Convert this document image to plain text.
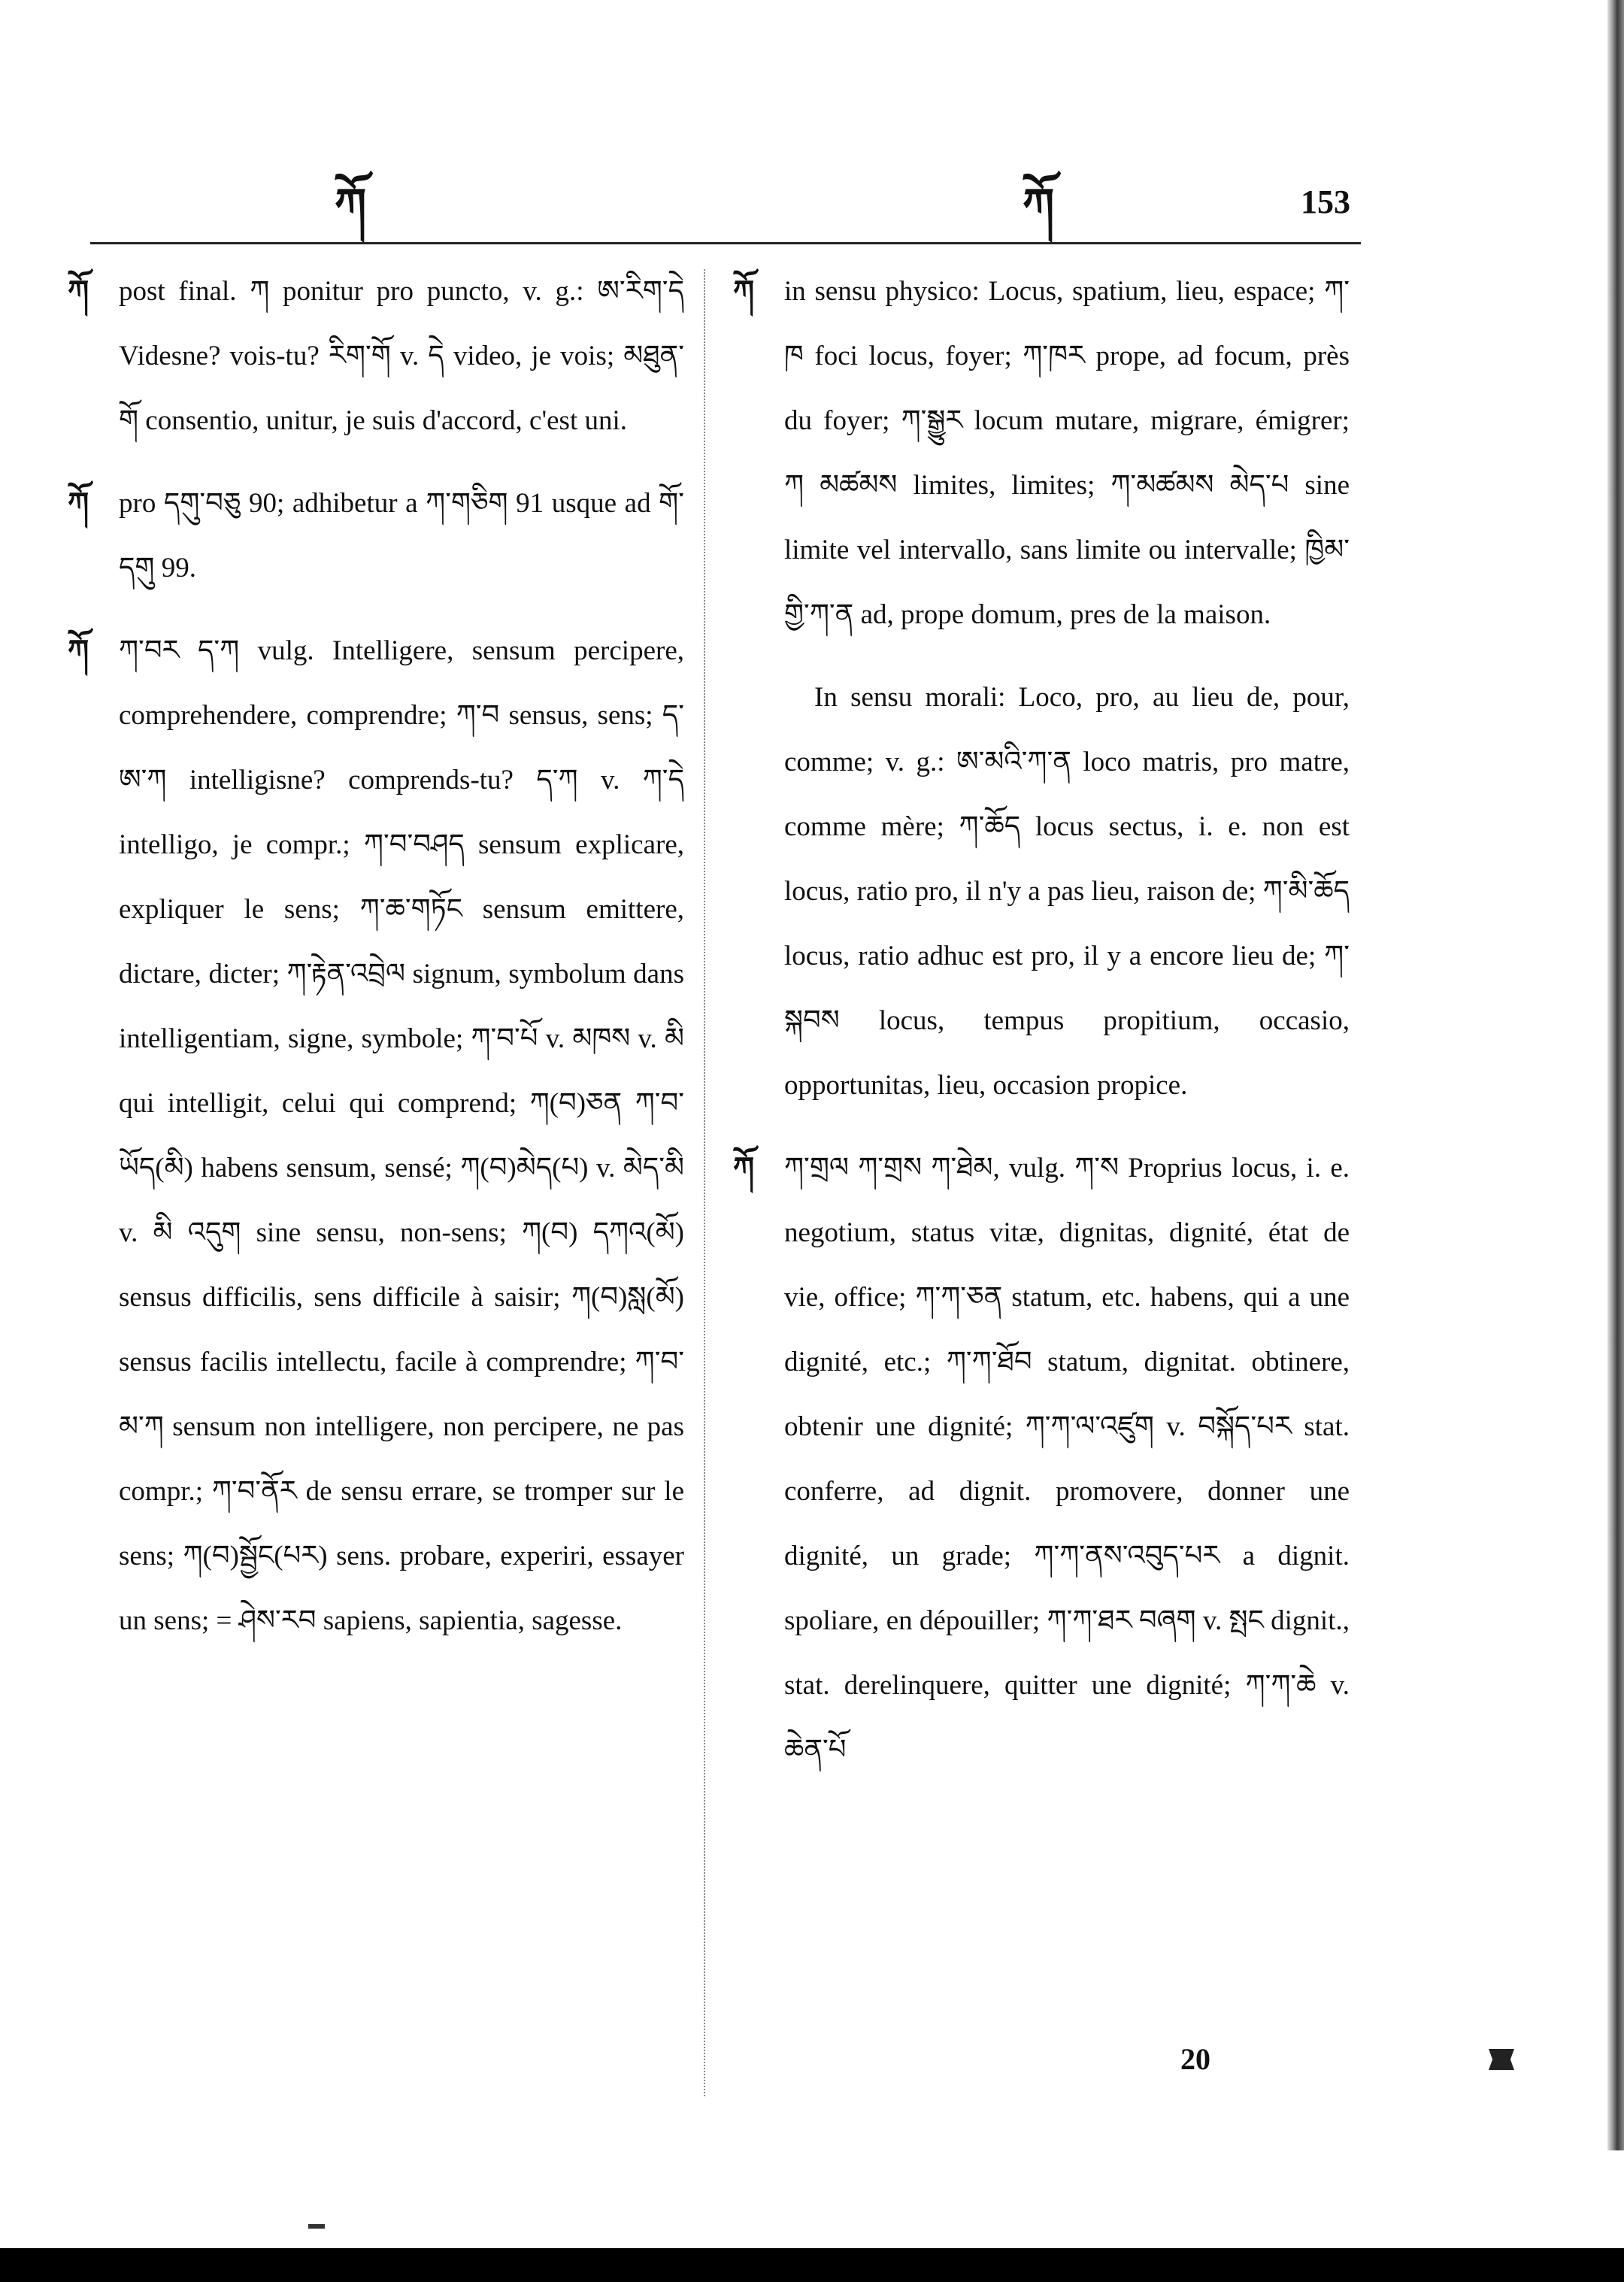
ཀོ	ཀོ	153
ཀོ post final. ཀ ponitur pro puncto, v. g.: ཨ་རིག་དེ Videsne? vois-tu? རིག་གོ v. དེ video, je vois; མཐུན་གོ consentio, unitur, je suis d'accord, c'est uni.

ཀོ pro དགུ་བཅུ 90; adhibetur a ཀ་གཅིག 91 usque ad གོ་དགུ 99.

ཀོ ཀ་བར ད་ཀ vulg. Intelligere, sensum percipere, comprehendere, comprendre; ཀ་བ sensus, sens; ད་ཨ་ཀ intelligisne? comprends-tu? ད་ཀ v. ཀ་དེ intelligo, je compr.; ཀ་བ་བཤད sensum explicare, expliquer le sens; ཀ་ཆ་གཏོང sensum emittere, dictare, dicter; ཀ་རྟེན་འབྲེལ signum, symbolum dans intelligentiam, signe, symbole; ཀ་བ་པོ v. མཁས v. མི qui intelligit, celui qui comprend; ཀ(བ)ཅན ཀ་བ་ཡོད(མི) habens sensum, sensé; ཀ(བ)མེད(པ) v. མེད་མི v. མི འདུག sine sensu, non-sens; ཀ(བ) དཀའ(མོ) sensus difficilis, sens difficile à saisir; ཀ(བ)སླ(མོ) sensus facilis intellectu, facile à comprendre; ཀ་བ་མ་ཀ sensum non intelligere, non percipere, ne pas compr.; ཀ་བ་ནོར de sensu errare, se tromper sur le sens; ཀ(བ)སྦྱོང(པར) sens. probare, experiri, essayer un sens; = ཤེས་རབ sapiens, sapientia, sagesse.

ཀོ in sensu physico: Locus, spatium, lieu, espace; ཀ་ཁ foci locus, foyer; ཀ་ཁར prope, ad focum, près du foyer; ཀ་སྒྱུར locum mutare, migrare, émigrer; ཀ མཚམས limites, limites; ཀ་མཚམས མེད་པ sine limite vel intervallo, sans limite ou intervalle; ཁྱིམ་གྱི་ཀ་ན ad, prope domum, pres de la maison.

In sensu morali: Loco, pro, au lieu de, pour, comme; v. g.: ཨ་མའི་ཀ་ན loco matris, pro matre, comme mère; ཀ་ཆོད locus sectus, i. e. non est locus, ratio pro, il n'y a pas lieu, raison de; ཀ་མི་ཆོད locus, ratio adhuc est pro, il y a encore lieu de; ཀ་སྐབས locus, tempus propitium, occasio, opportunitas, lieu, occasion propice.
ཀོ ཀ་གྲལ ཀ་གྲས ཀ་ཐེམ, vulg. ཀ་ས Proprius locus, i. e. negotium, status vitæ, dignitas, dignité, état de vie, office; ཀ་ཀ་ཅན statum, etc. habens, qui a une dignité, etc.; ཀ་ཀ་ཐོབ statum, dignitat. obtinere, obtenir une dignité; ཀ་ཀ་ལ་འཛུག v. བསྐོད་པར stat. conferre, ad dignit. promovere, donner une dignité, un grade; ཀ་ཀ་ནས་འབུད་པར a dignit. spoliare, en dépouiller; ཀ་ཀ་ཐར བཞག v. སྤང dignit., stat. derelinquere, quitter une dignité; ཀ་ཀ་ཆེ v. ཆེན་པོ

20
